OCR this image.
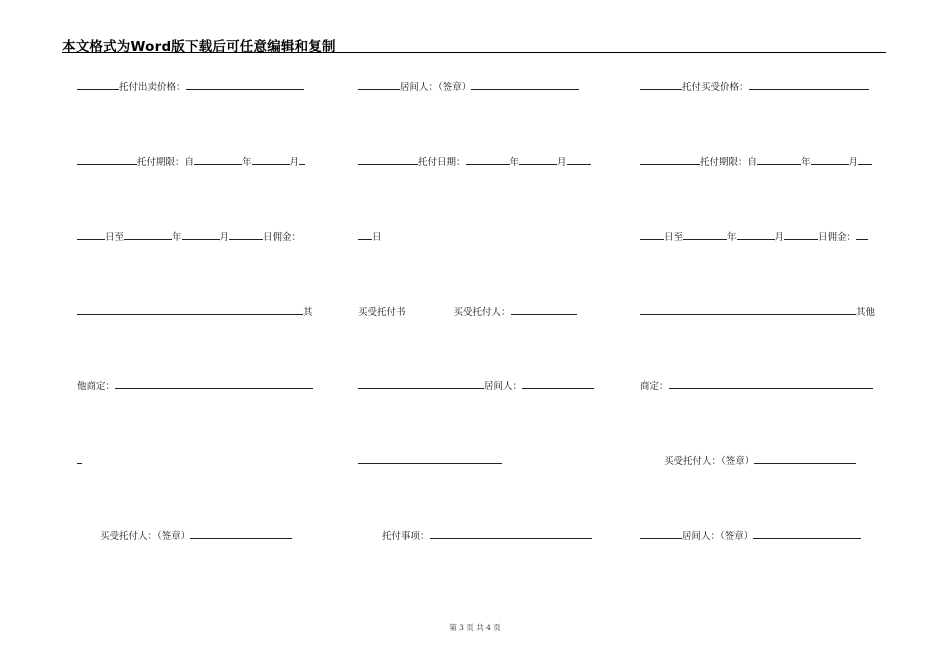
本文格式为Word版下载后可任意编辑和复制
托付出卖价格：
托付期限：自	年	月
日至	年	月	日佣金：
其
他商定：
买受托付人：（签章）
居间人：（签章）
托付日期：	年	月
日
买受托付书	买受托付人：
居间人：
托付事项：
托付买受价格：
托付期限：自	年	月
日至	年	月	日佣金：
其他
商定：
买受托付人：（签章）
居间人：（签章）
第 3 页 共 4 页
